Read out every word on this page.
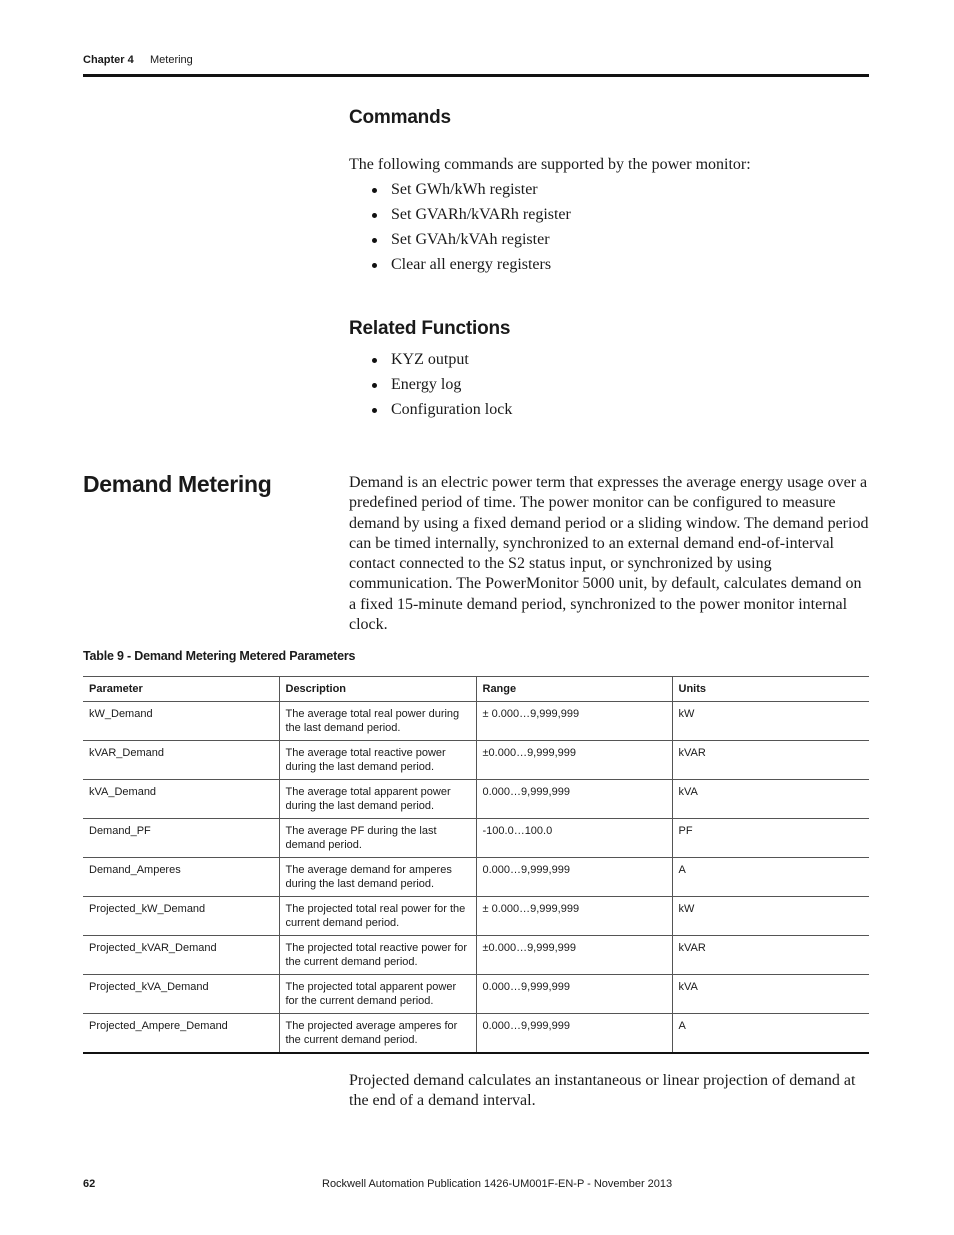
Chapter 4 Metering
Commands
The following commands are supported by the power monitor:
Set GWh/kWh register
Set GVARh/kVARh register
Set GVAh/kVAh register
Clear all energy registers
Related Functions
KYZ output
Energy log
Configuration lock
Demand Metering	Demand is an electric power term that expresses the average energy usage over a predefined period of time. The power monitor can be configured to measure demand by using a fixed demand period or a sliding window. The demand period can be timed internally, synchronized to an external demand end-of-interval contact connected to the S2 status input, or synchronized by using communication. The PowerMonitor 5000 unit, by default, calculates demand on a fixed 15-minute demand period, synchronized to the power monitor internal clock.
Table 9 - Demand Metering Metered Parameters
Parameter	Description	Range	Units
kW_Demand	The average total real power during the last demand period.	± 0.000…9,999,999	kW
kVAR_Demand	The average total reactive power during the last demand period.	±0.000…9,999,999	kVAR
kVA_Demand	The average total apparent power during the last demand period.	0.000…9,999,999	kVA
Demand_PF	The average PF during the last demand period.	-100.0…100.0	PF
Demand_Amperes	The average demand for amperes during the last demand period.	0.000…9,999,999	A
Projected_kW_Demand	The projected total real power for the current demand period.	± 0.000…9,999,999	kW
Projected_kVAR_Demand	The projected total reactive power for the current demand period.	±0.000…9,999,999	kVAR
Projected_kVA_Demand	The projected total apparent power for the current demand period.	0.000…9,999,999	kVA
Projected_Ampere_Demand	The projected average amperes for the current demand period.	0.000…9,999,999	A
Projected demand calculates an instantaneous or linear projection of demand at the end of a demand interval.
62	Rockwell Automation Publication 1426-UM001F-EN-P - November 2013
